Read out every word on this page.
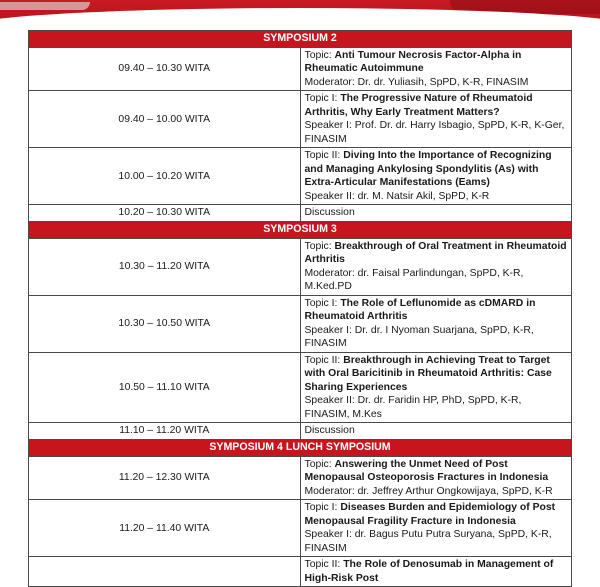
SYMPOSIUM 2	
09.40 – 10.30 WITA	Topic: Anti Tumour Necrosis Factor-Alpha in Rheumatic Autoimmune
Moderator: Dr. dr. Yuliasih, SpPD, K-R, FINASIM

09.40 – 10.00 WITA	Topic I: The Progressive Nature of Rheumatoid Arthritis, Why Early Treatment Matters?
Speaker I: Prof. Dr. dr. Harry Isbagio, SpPD, K-R, K-Ger, FINASIM

10.00 – 10.20 WITA	Topic II: Diving Into the Importance of Recognizing and Managing Ankylosing Spondylitis (As) with Extra-Articular Manifestations (Eams)
Speaker II: dr. M. Natsir Akil, SpPD, K-R

10.20 – 10.30 WITA	Discussion

SYMPOSIUM 3	
10.30 – 11.20 WITA	Topic: Breakthrough of Oral Treatment in Rheumatoid Arthritis
Moderator: dr. Faisal Parlindungan, SpPD, K-R, M.Ked.PD

10.30 – 10.50 WITA	Topic I: The Role of Leflunomide as cDMARD in Rheumatoid Arthritis
Speaker I: Dr. dr. I Nyoman Suarjana, SpPD, K-R, FINASIM

10.50 – 11.10 WITA	Topic II: Breakthrough in Achieving Treat to Target with Oral Baricitinib in Rheumatoid Arthritis: Case Sharing Experiences
Speaker II: Dr. dr. Faridin HP, PhD, SpPD, K-R, FINASIM, M.Kes

11.10 – 11.20 WITA	Discussion

SYMPOSIUM 4 LUNCH SYMPOSIUM	
11.20 – 12.30 WITA	Topic: Answering the Unmet Need of Post Menopausal Osteoporosis Fractures in Indonesia
Moderator: dr. Jeffrey Arthur Ongkowijaya, SpPD, K-R

11.20 – 11.40 WITA	Topic I: Diseases Burden and Epidemiology of Post Menopausal Fragility Fracture in Indonesia
Speaker I: dr. Bagus Putu Putra Suryana, SpPD, K-R, FINASIM

	Topic II: The Role of Denosumab in Management of High-Risk Post
